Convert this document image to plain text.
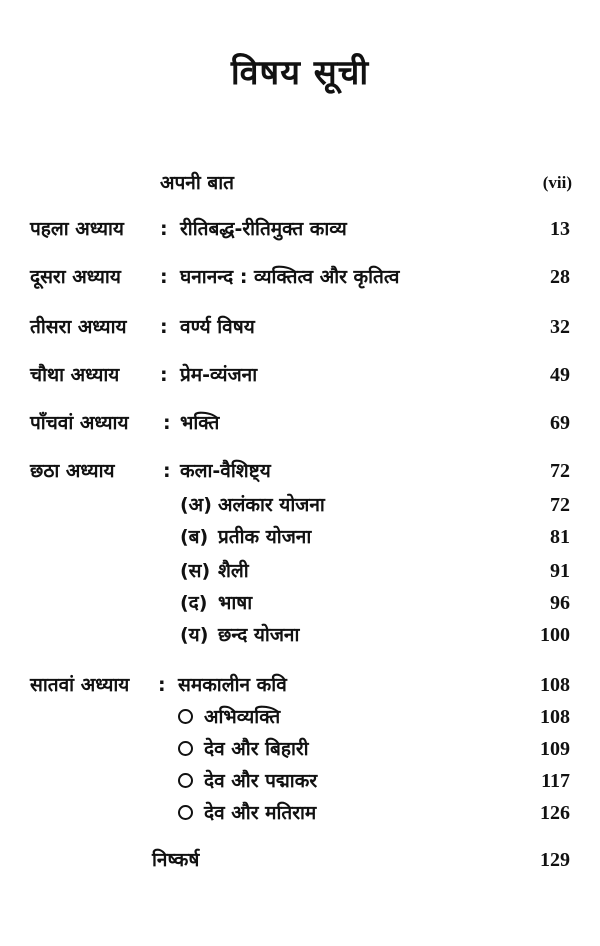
विषय सूची
अपनी बात	(vii)
पहला अध्याय : रीतिबद्ध-रीतिमुक्त काव्य	13
दूसरा अध्याय : घनानन्द : व्यक्तित्व और कृतित्व	28
तीसरा अध्याय : वर्ण्य विषय	32
चौथा अध्याय : प्रेम-व्यंजना	49
पाँचवां अध्याय : भक्ति	69
छठा अध्याय	: कला-वैशिष्ट्य	72
(अ) अलंकार योजना	72
(ब) प्रतीक योजना	81
(स) शैली	91
(द) भाषा	96
(य) छन्द योजना	100
सातवां अध्याय : समकालीन कवि	108
अभिव्यक्ति	108
देव और बिहारी	109
देव और पद्माकर	117
देव और मतिराम	126
निष्कर्ष	129
